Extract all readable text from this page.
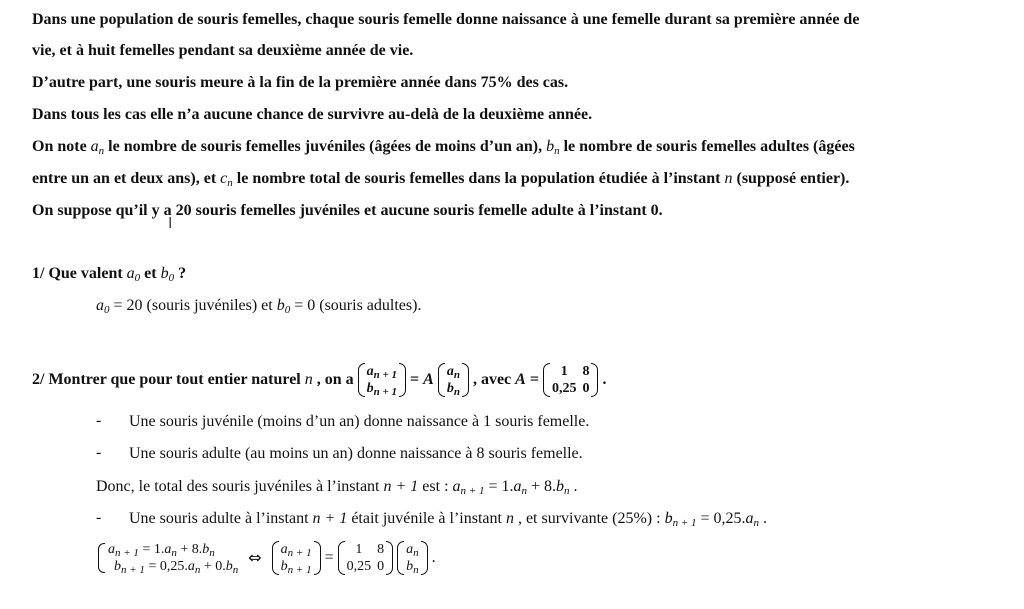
Dans une population de souris femelles, chaque souris femelle donne naissance à une femelle durant sa première année de
vie, et à huit femelles pendant sa deuxième année de vie.
D’autre part, une souris meure à la fin de la première année dans 75% des cas.
Dans tous les cas elle n’a aucune chance de survivre au-delà de la deuxième année.
On note $a_n$ le nombre de souris femelles juvéniles (âgées de moins d’un an), $b_n$ le nombre de souris femelles adultes (âgées
entre un an et deux ans), et $c_n$ le nombre total de souris femelles dans la population étudiée à l’instant n (supposé entier).
On suppose qu’il y a 20 souris femelles juvéniles et aucune souris femelle adulte à l’instant 0.
I
1/ Que valent $a_0$ et $b_0$ ?
$a_0 = 20$ (souris juvéniles) et $b_0 = 0$ (souris adultes).
2/ Montrer que pour tout entier naturel n , on a $a_{n + 1}$
$b_{n + 1}$
= A $a_n$
$b_n$
, avec A = 1	8
0,25	0
.
- Une souris juvénile (moins d’un an) donne naissance à 1 souris femelle.
- Une souris adulte (au moins un an) donne naissance à 8 souris femelle.
Donc, le total des souris juvéniles à l’instant n + 1 est : $a_{n + 1} = 1.a_n + 8.b_n$ .
- Une souris adulte à l’instant n + 1 était juvénile à l’instant n , et survivante (25%) : $b_{n + 1} = 0,25.a_n$ .
$a_{n + 1} = 1.a_n + 8.b_n$
$b_{n + 1} = 0,25.a_n + 0.b_n$
⇔ $a_{n + 1}$
$b_{n + 1}$
= 1	8
0,25	0

$a_n$
$b_n$
.
